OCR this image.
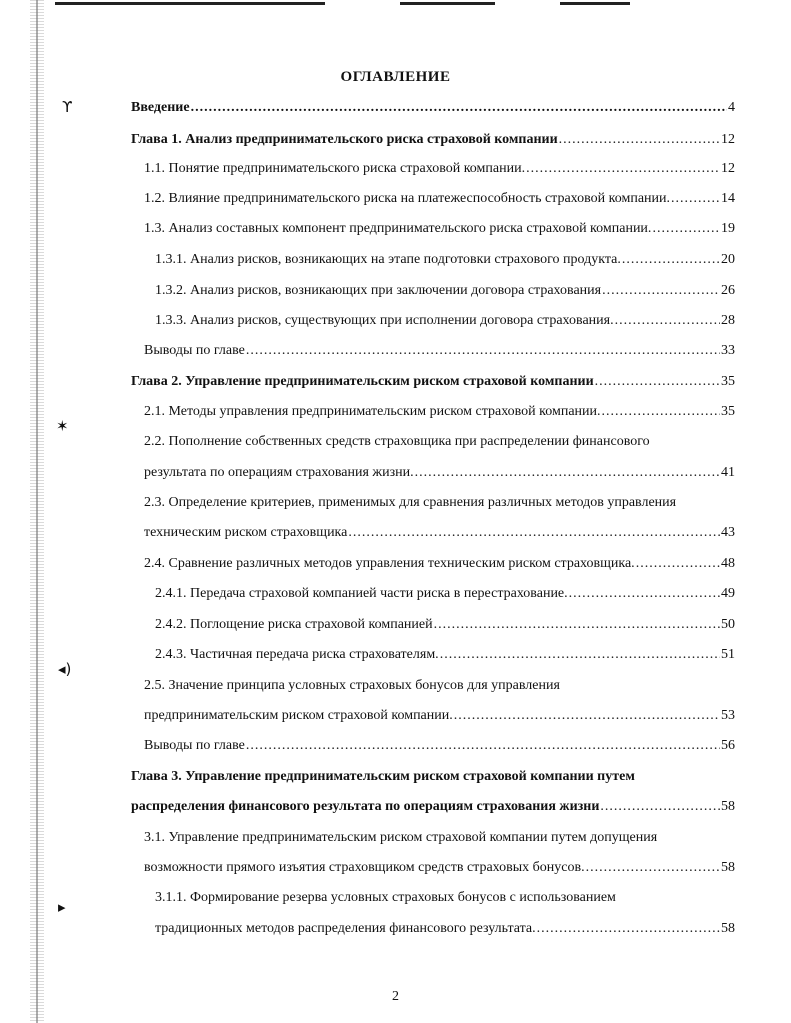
ϒ
✶
◂)
▸
ОГЛАВЛЕНИЕ
Введение .....	4
Глава 1. Анализ предпринимательского риска страховой компании .....	12
1.1. Понятие предпринимательского риска страховой компании. .....	12
1.2. Влияние предпринимательского риска на платежеспособность страховой компании. .....	14
1.3. Анализ составных компонент предпринимательского риска страховой компании. .....	19
1.3.1. Анализ рисков, возникающих на этапе подготовки страхового продукта. .....	20
1.3.2. Анализ рисков, возникающих при заключении договора страхования .....	26
1.3.3. Анализ рисков, существующих при исполнении договора страхования. .....	28
Выводы по главе .....	33
Глава 2. Управление предпринимательским риском страховой компании .....	35
2.1. Методы управления предпринимательским риском страховой компании. .....	35
2.2. Пополнение собственных средств страховщика при распределении финансового
результата по операциям страхования жизни. .....	41
2.3. Определение критериев, применимых для сравнения различных методов управления
техническим риском страховщика .....	43
2.4. Сравнение различных методов управления техническим риском страховщика. .....	48
2.4.1. Передача страховой компанией части риска в перестрахование. .....	49
2.4.2. Поглощение риска страховой компанией .....	50
2.4.3. Частичная передача риска страхователям. .....	51
2.5. Значение принципа условных страховых бонусов для управления
предпринимательским риском страховой компании. .....	53
Выводы по главе .....	56
Глава 3. Управление предпринимательским риском страховой компании путем
распределения финансового результата по операциям страхования жизни .....	58
3.1. Управление предпринимательским риском страховой компании путем допущения
возможности прямого изъятия страховщиком средств страховых бонусов. .....	58
3.1.1. Формирование резерва условных страховых бонусов с использованием
традиционных методов распределения финансового результата. .....	58
2
